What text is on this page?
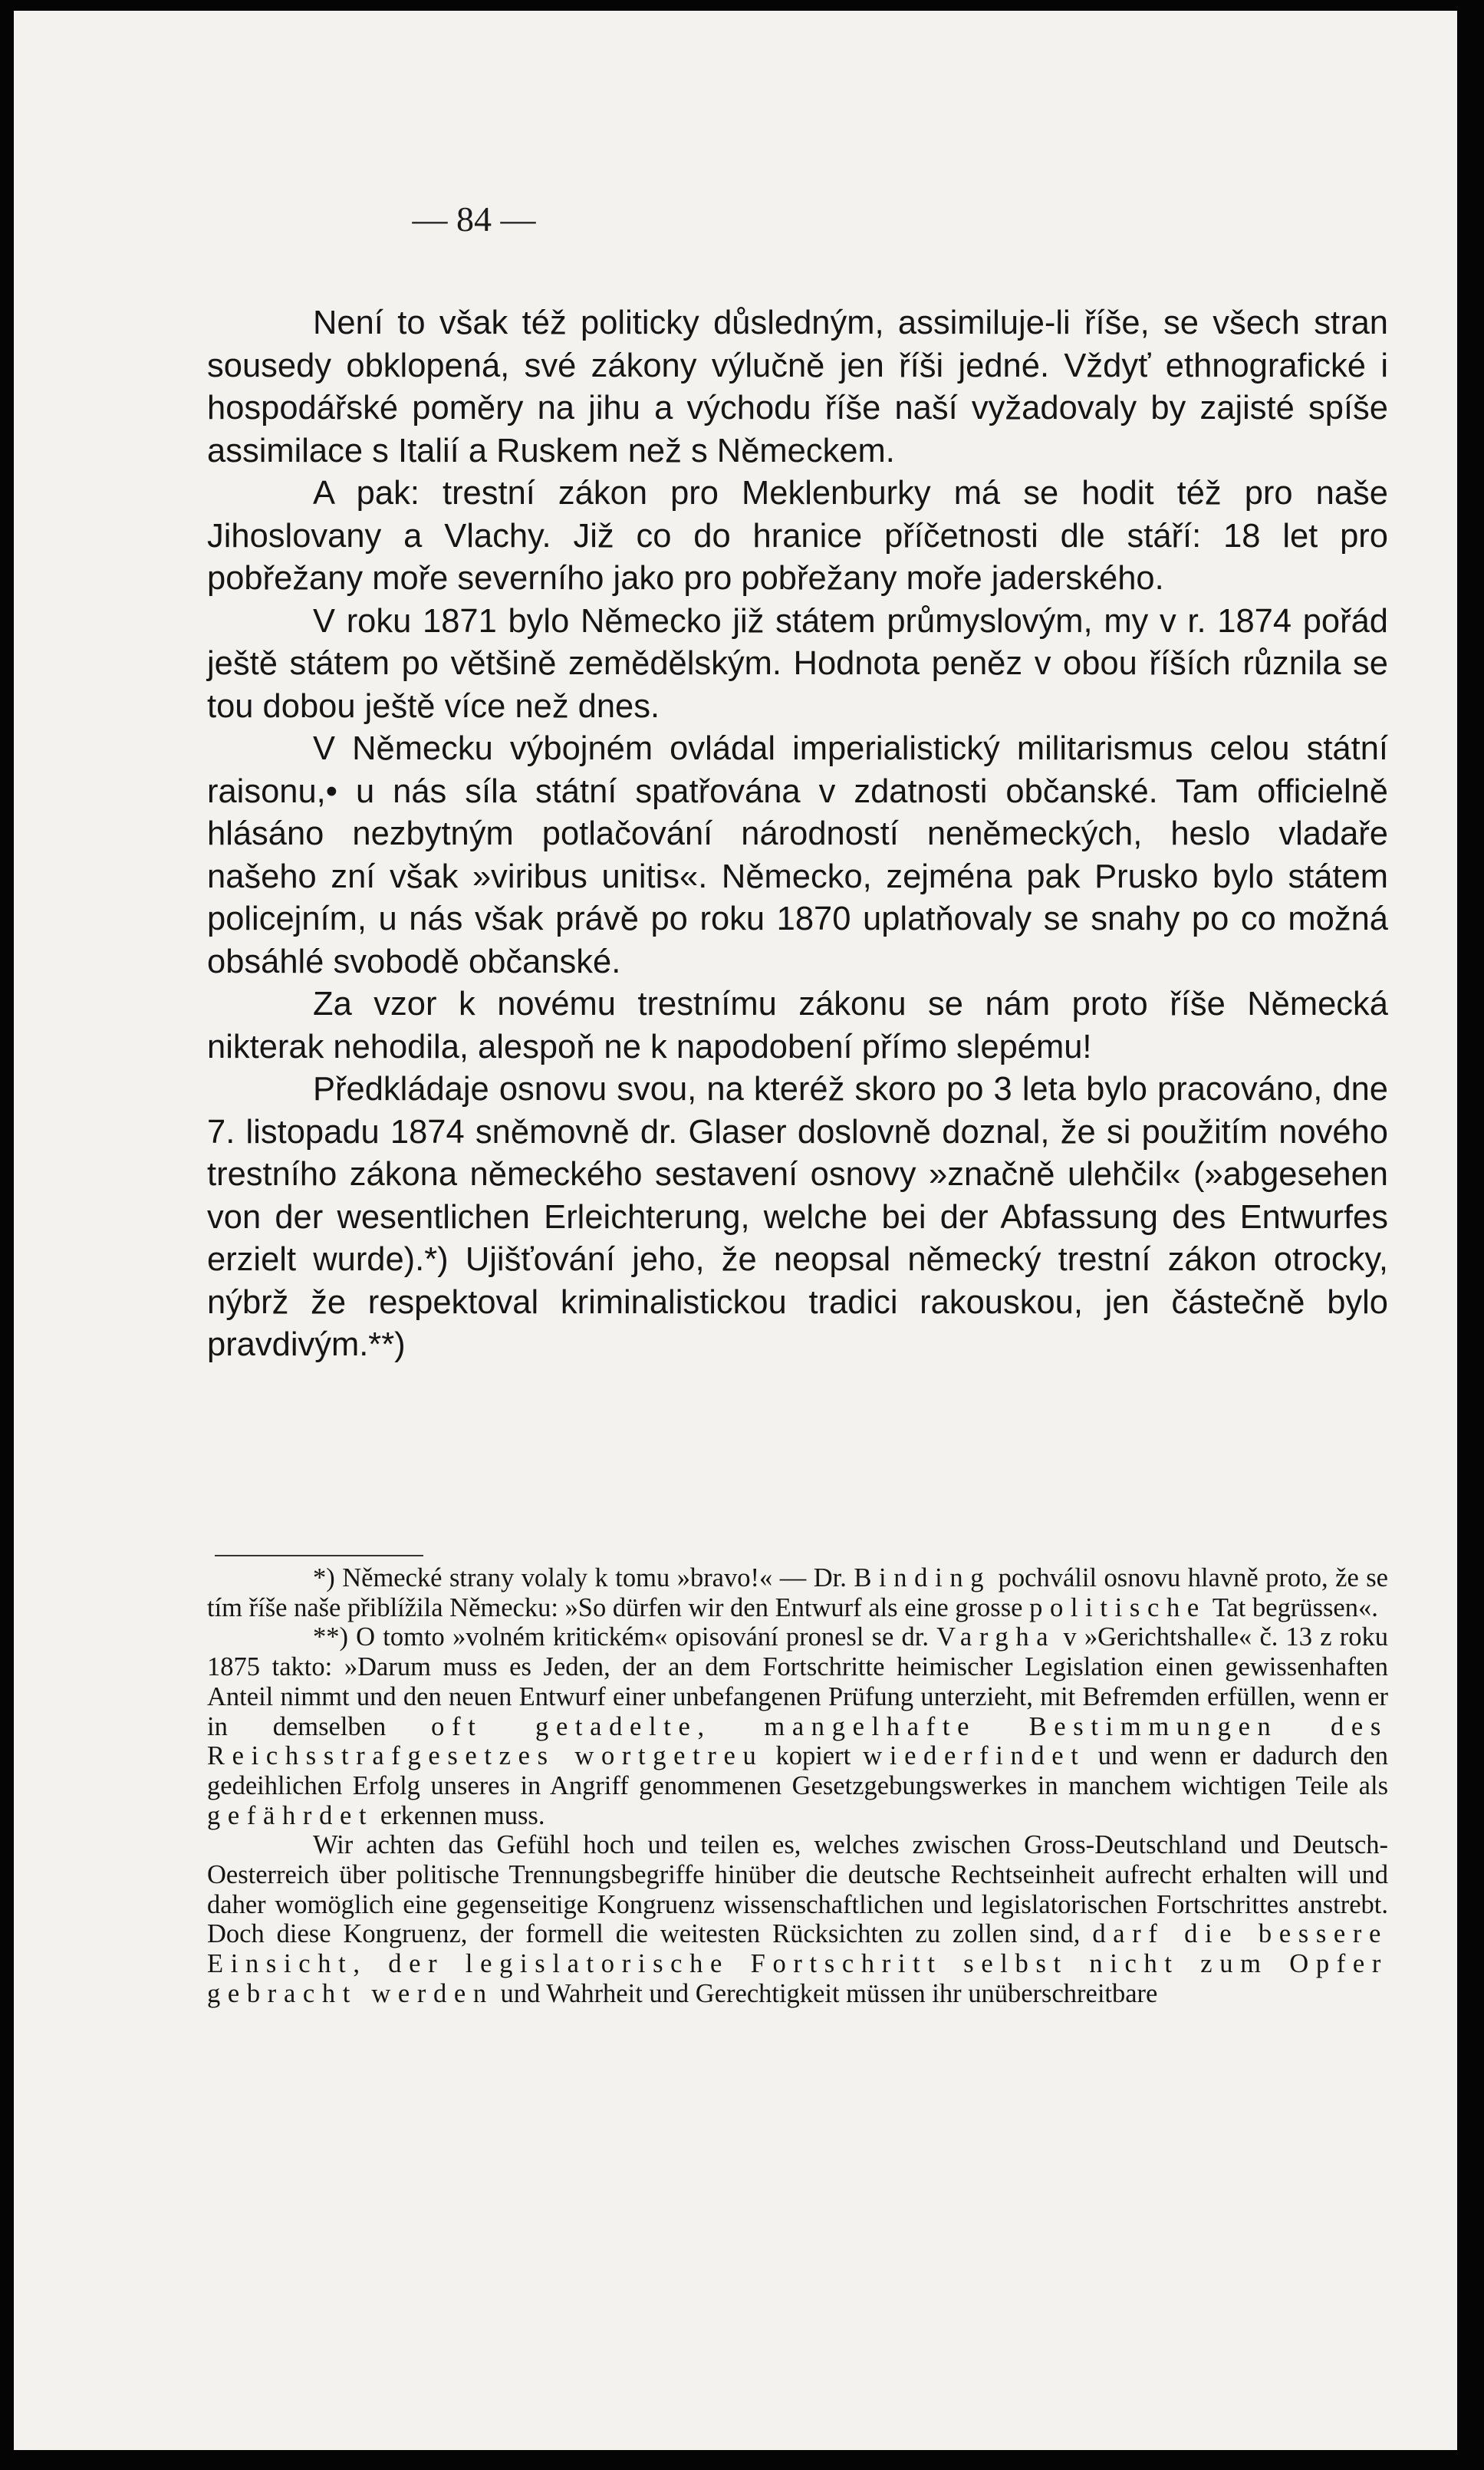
— 84 —

Není to však též politicky důsledným, assimiluje-li říše, se všech stran sousedy obklopená, své zákony výlučně jen říši jedné. Vždyť ethnografické i hospodářské poměry na jihu a východu říše naší vyžadovaly by zajisté spíše assimilace s Italií a Ruskem než s Německem.

A pak: trestní zákon pro Meklenburky má se hodit též pro naše Jihoslovany a Vlachy. Již co do hranice příčetnosti dle stáří: 18 let pro pobřežany moře severního jako pro pobřežany moře jaderského.

V roku 1871 bylo Německo již státem průmyslovým, my v r. 1874 pořád ještě státem po většině zemědělským. Hodnota peněz v obou říších různila se tou dobou ještě více než dnes.

V Německu výbojném ovládal imperialistický militarismus celou státní raisonu,• u nás síla státní spatřována v zdatnosti občanské. Tam officielně hlásáno nezbytným potlačování národností neněmeckých, heslo vladaře našeho zní však »viribus unitis«. Německo, zejména pak Prusko bylo státem policejním, u nás však právě po roku 1870 uplatňovaly se snahy po co možná obsáhlé svobodě občanské.

Za vzor k novému trestnímu zákonu se nám proto říše Německá nikterak nehodila, alespoň ne k napodobení přímo slepému!

Předkládaje osnovu svou, na kteréž skoro po 3 leta bylo pracováno, dne 7. listopadu 1874 sněmovně dr. Glaser doslovně doznal, že si použitím nového trestního zákona německého sestavení osnovy »značně ulehčil« (»abgesehen von der wesentlichen Erleichterung, welche bei der Abfassung des Entwurfes erzielt wurde).*) Ujišťování jeho, že neopsal německý trestní zákon otrocky, nýbrž že respektoval kriminalistickou tradici rakouskou, jen částečně bylo pravdivým.**)

*) Německé strany volaly k tomu »bravo!« — Dr. Binding pochválil osnovu hlavně proto, že se tím říše naše přiblížila Německu: »So dürfen wir den Entwurf als eine grosse politische Tat begrüssen«.

**) O tomto »volném kritickém« opisování pronesl se dr. Vargha v »Gerichtshalle« č. 13 z roku 1875 takto: »Darum muss es Jeden, der an dem Fortschritte heimischer Legislation einen gewissenhaften Anteil nimmt und den neuen Entwurf einer unbefangenen Prüfung unterzieht, mit Befremden erfüllen, wenn er in demselben oft getadelte, mangelhafte Bestimmungen des Reichsstrafgesetzes wortgetreu kopiert wiederfindet und wenn er dadurch den gedeihlichen Erfolg unseres in Angriff genommenen Gesetzgebungswerkes in manchem wichtigen Teile als gefährdet erkennen muss.

Wir achten das Gefühl hoch und teilen es, welches zwischen Gross-Deutschland und Deutsch-Oesterreich über politische Trennungsbegriffe hinüber die deutsche Rechtseinheit aufrecht erhalten will und daher womöglich eine gegenseitige Kongruenz wissenschaftlichen und legislatorischen Fortschrittes anstrebt. Doch diese Kongruenz, der formell die weitesten Rücksichten zu zollen sind, darf die bessere Einsicht, der legislatorische Fortschritt selbst nicht zum Opfer gebracht werden und Wahrheit und Gerechtigkeit müssen ihr unüberschreitbare
